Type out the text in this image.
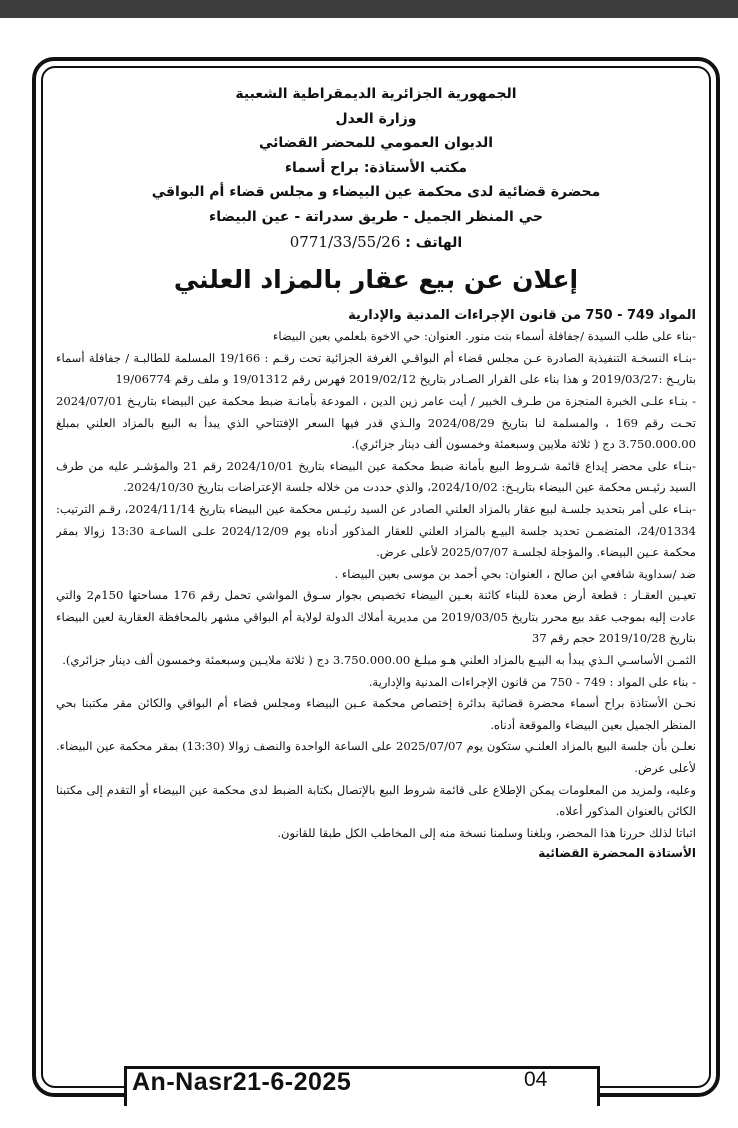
الجمهورية الجزائرية الديمقراطية الشعبية
وزارة العدل
الديوان العمومي للمحضر القضائي
مكتب الأستاذة: براح أسماء
محضرة قضائية لدى محكمة عين البيضاء و مجلس قضاء أم البواقي
حي المنظر الجميل - طريق سدراتة - عين البيضاء
الهاتف : 0771/33/55/26
إعلان عن بيع عقار بالمزاد العلني
المواد 749 - 750 من قانون الإجراءات المدنية والإدارية

-بناء على طلب السيدة /جفافلة أسماء بنت منور. العنوان: حي الاخوة بلعلمي بعين البيضاء

-بنـاء النسخـة التنفيذية الصادرة عـن مجلس قضاء أم البواقـي الغرفة الجزائية تحت رقـم : 19/166 المسلمة للطالبـة / جفافلة أسماء بتاريـخ :2019/03/27 و هذا بناء على القرار الصـادر بتاريخ 2019/02/12 فهرس رقم 19/01312 و ملف رقم 19/06774

- بنـاء علـى الخبرة المنجزة من طـرف الخبير / أيت عامر زين الدين ، المودعة بأمانـة ضبط محكمة عين البيضاء بتاريـخ 2024/07/01 تحـت رقم 169 ، والمسلمة لنا بتاريخ 2024/08/29 والـذي قدر فيها السعر الإفتتاحي الذي يبدأ به البيع بالمزاد العلني بمبلغ 3.750.000.00 دج ( ثلاثة ملايين وسبعمئة وخمسون ألف دينار جزائري).

-بنـاء على محضر إيداع قائمة شـروط البيع بأمانة ضبط محكمة عين البيضاء بتاريخ 2024/10/01 رقم 21 والمؤشـر عليه من طرف السيد رئيـس محكمة عين البيضاء بتاريـخ: 2024/10/02، والذي حددت من خلاله جلسة الإعتراضات بتاريخ 2024/10/30.

-بنـاء على أمر بتحديد جلسـة لبيع عقار بالمزاد العلني الصادر عن السيد رئيـس محكمة عين البيضاء بتاريخ 2024/11/14، رقـم الترتيب: 24/01334، المتضمـن تحديد جلسة البيـع بالمزاد العلني للعقار المذكور أدناه يوم 2024/12/09 علـى الساعـة 13:30 زوالا بمقر محكمة عـين البيضاء. والمؤجلة لجلسـة 2025/07/07 لأعلى عرض.

ضد /سداوية شافعي ابن صالح ، العنوان: بحي أحمد بن موسى بعين البيضاء .

تعيـين العقـار : قطعة أرض معدة للبناء كائنة بعـين البيضاء تخصيص بجوار سـوق المواشي تحمل رقم 176 مساحتها 150م2 والتي عادت إليه بموجب عقد بيع محرر بتاريخ 2019/03/05 من مديرية أملاك الدولة لولاية أم البواقي مشهر بالمحافظة العقارية لعين البيضاء بتاريخ 2019/10/28 حجم رقم 37

الثمـن الأساسـي الـذي يبدأ به البيـع بالمزاد العلني هـو مبلـغ 3.750.000.00 دج ( ثلاثة ملايـين وسبعمئة وخمسون ألف دينار جزائري).

- بناء على المواد : 749 - 750 من قانون الإجراءات المدنية والإدارية.

نحـن الأستاذة براح أسماء محضرة قضائية بدائرة إختصاص محكمة عـين البيضاء ومجلس قضاء أم البواقي والكائن مقر مكتبنا بحي المنظر الجميل بعين البيضاء والموقعة أدناه.

نعلـن بأن جلسة البيع بالمزاد العلنـي ستكون يوم 2025/07/07 على الساعة الواحدة والنصف زوالا (13:30) بمقر محكمة عين البيضاء. لأعلى عرض.

وعليه، ولمزيد من المعلومات يمكن الإطلاع على قائمة شروط البيع بالإتصال بكتابة الضبط لدى محكمة عين البيضاء أو التقدم إلى مكتبنا الكائن بالعنوان المذكور أعلاه.

اثباتا لذلك حررنا هذا المحضر، وبلغنا وسلمنا نسخة منه إلى المخاطب الكل طبقا للقانون.

الأستاذة المحضرة القضائية
An-Nasr21-6-2025	04
